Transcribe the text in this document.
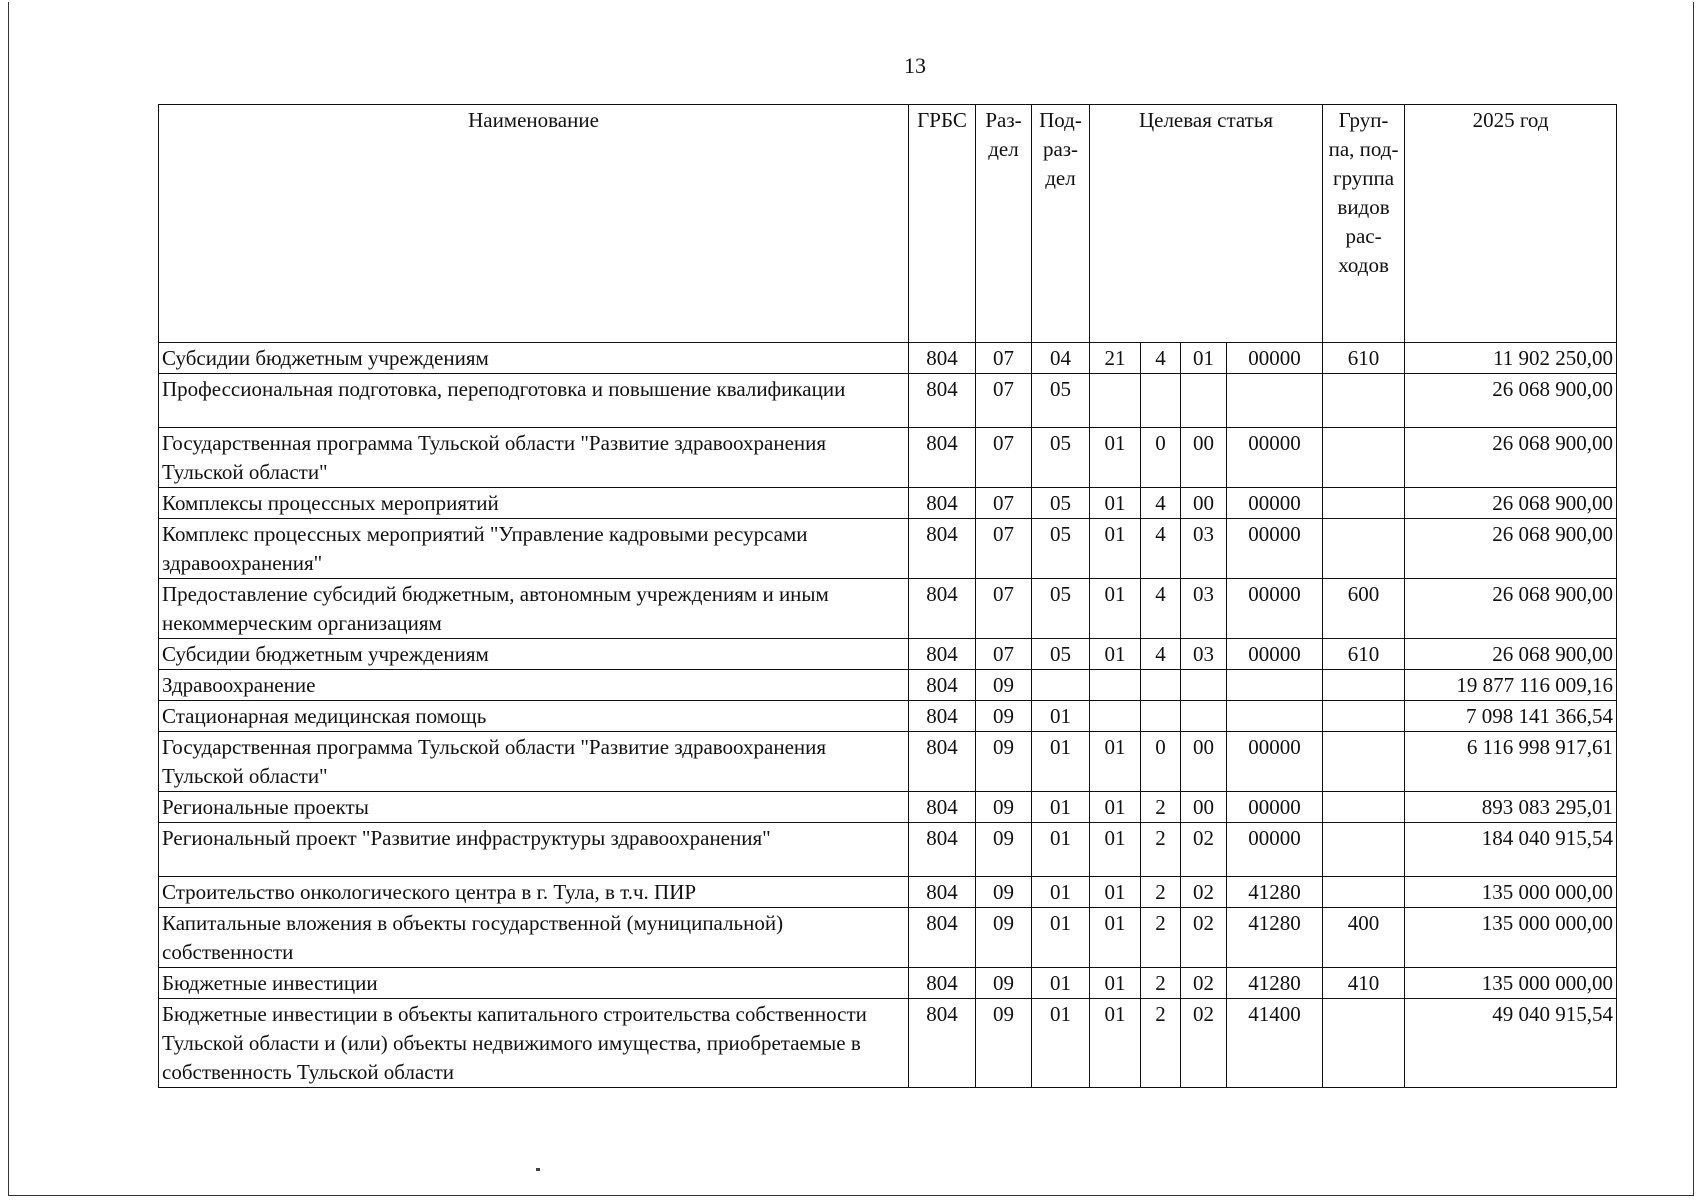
13
Наименование	ГРБС	Раз-дел	Под-раз-дел	Целевая статья				Груп-па, под-группа видов рас-ходов	2025 год
Субсидии бюджетным учреждениям	804	07	04	21	4	01	00000	610	11 902 250,00
Профессиональная подготовка, переподготовка и повышение квалификации	804	07	05						26 068 900,00
Государственная программа Тульской области "Развитие здравоохранения Тульской области"	804	07	05	01	0	00	00000		26 068 900,00
Комплексы процессных мероприятий	804	07	05	01	4	00	00000		26 068 900,00
Комплекс процессных мероприятий "Управление кадровыми ресурсами здравоохранения"	804	07	05	01	4	03	00000		26 068 900,00
Предоставление субсидий бюджетным, автономным учреждениям и иным некоммерческим организациям	804	07	05	01	4	03	00000	600	26 068 900,00
Субсидии бюджетным учреждениям	804	07	05	01	4	03	00000	610	26 068 900,00
Здравоохранение	804	09							19 877 116 009,16
Стационарная медицинская помощь	804	09	01						7 098 141 366,54
Государственная программа Тульской области "Развитие здравоохранения Тульской области"	804	09	01	01	0	00	00000		6 116 998 917,61
Региональные проекты	804	09	01	01	2	00	00000		893 083 295,01
Региональный проект "Развитие инфраструктуры здравоохранения"	804	09	01	01	2	02	00000		184 040 915,54
Строительство онкологического центра в г. Тула, в т.ч. ПИР	804	09	01	01	2	02	41280		135 000 000,00
Капитальные вложения в объекты государственной (муниципальной) собственности	804	09	01	01	2	02	41280	400	135 000 000,00
Бюджетные инвестиции	804	09	01	01	2	02	41280	410	135 000 000,00
Бюджетные инвестиции в объекты капитального строительства собственности Тульской области и (или) объекты недвижимого имущества, приобретаемые в собственность Тульской области	804	09	01	01	2	02	41400		49 040 915,54
